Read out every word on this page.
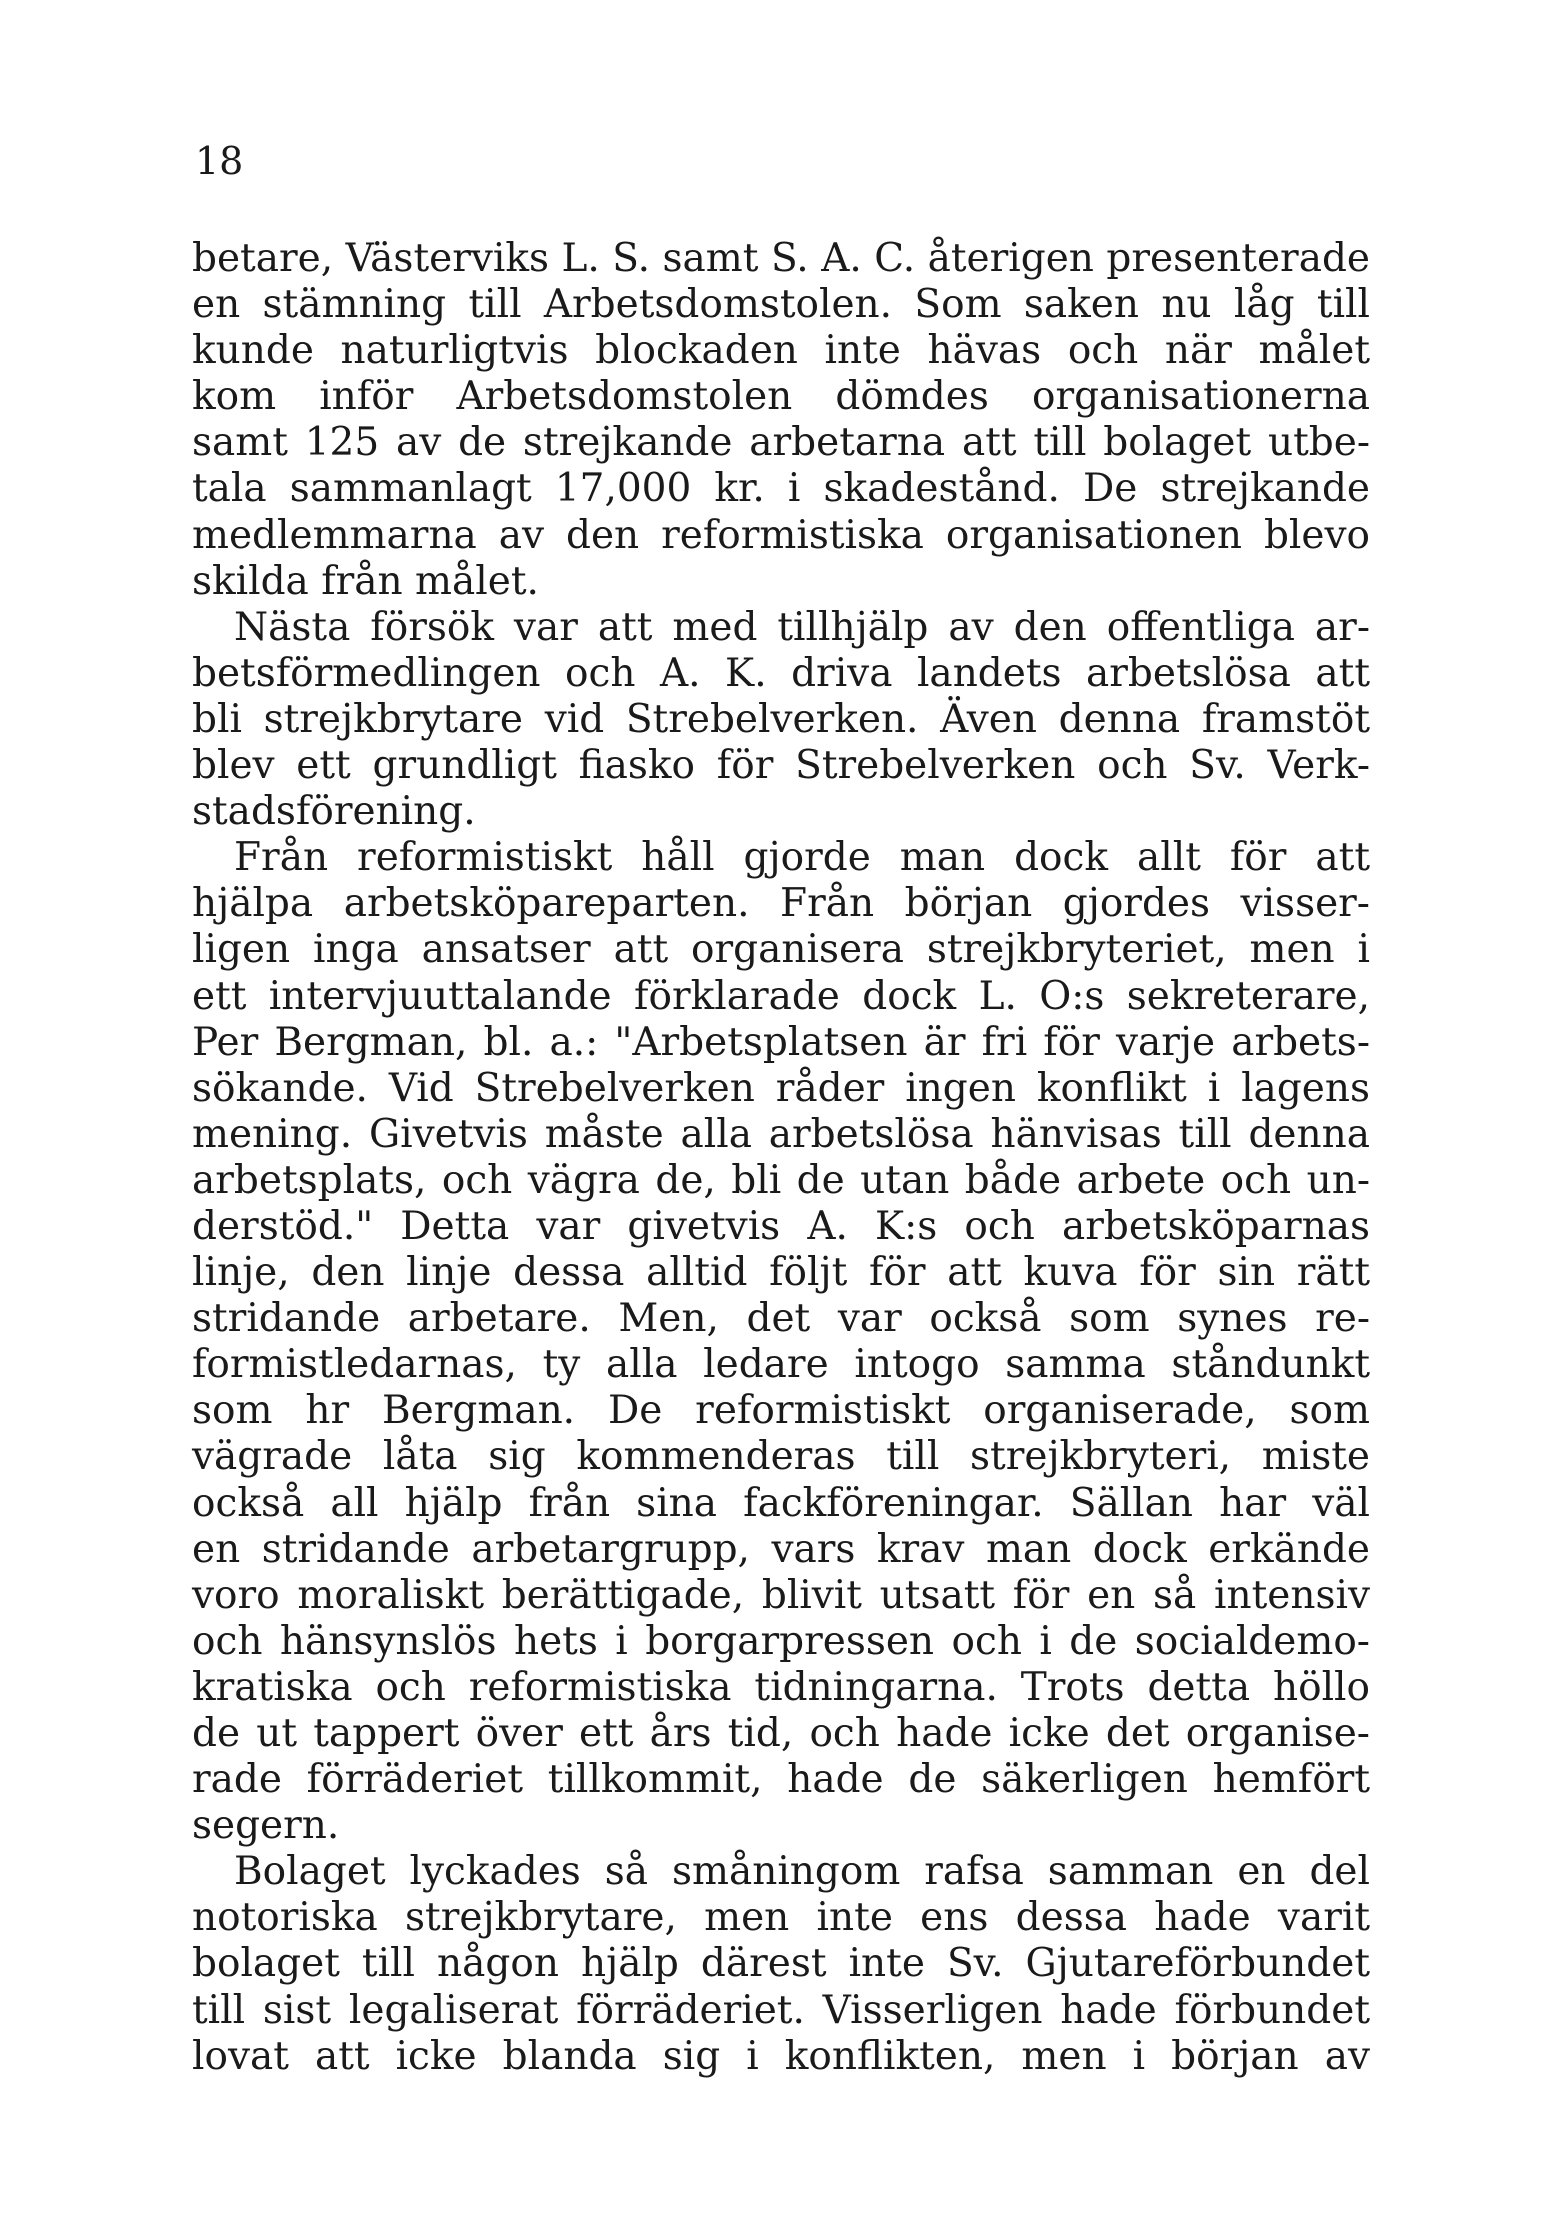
18
betare, Västerviks L. S. samt S. A. C. återigen presenterade
en stämning till Arbetsdomstolen. Som saken nu låg till
kunde naturligtvis blockaden inte hävas och när målet
kom inför Arbetsdomstolen dömdes organisationerna
samt 125 av de strejkande arbetarna att till bolaget utbe-
tala sammanlagt 17,000 kr. i skadestånd. De strejkande
medlemmarna av den reformistiska organisationen blevo
skilda från målet.
Nästa försök var att med tillhjälp av den offentliga ar-
betsförmedlingen och A. K. driva landets arbetslösa att
bli strejkbrytare vid Strebelverken. Även denna framstöt
blev ett grundligt fiasko för Strebelverken och Sv. Verk-
stadsförening.
Från reformistiskt håll gjorde man dock allt för att
hjälpa arbetsköpareparten. Från början gjordes visser-
ligen inga ansatser att organisera strejkbryteriet, men i
ett intervjuuttalande förklarade dock L. O:s sekreterare,
Per Bergman, bl. a.: "Arbetsplatsen är fri för varje arbets-
sökande. Vid Strebelverken råder ingen konflikt i lagens
mening. Givetvis måste alla arbetslösa hänvisas till denna
arbetsplats, och vägra de, bli de utan både arbete och un-
derstöd." Detta var givetvis A. K:s och arbetsköparnas
linje, den linje dessa alltid följt för att kuva för sin rätt
stridande arbetare. Men, det var också som synes re-
formistledarnas, ty alla ledare intogo samma ståndunkt
som hr Bergman. De reformistiskt organiserade, som
vägrade låta sig kommenderas till strejkbryteri, miste
också all hjälp från sina fackföreningar. Sällan har väl
en stridande arbetargrupp, vars krav man dock erkände
voro moraliskt berättigade, blivit utsatt för en så intensiv
och hänsynslös hets i borgarpressen och i de socialdemo-
kratiska och reformistiska tidningarna. Trots detta höllo
de ut tappert över ett års tid, och hade icke det organise-
rade förräderiet tillkommit, hade de säkerligen hemfört
segern.
Bolaget lyckades så småningom rafsa samman en del
notoriska strejkbrytare, men inte ens dessa hade varit
bolaget till någon hjälp därest inte Sv. Gjutareförbundet
till sist legaliserat förräderiet. Visserligen hade förbundet
lovat att icke blanda sig i konflikten, men i början av
